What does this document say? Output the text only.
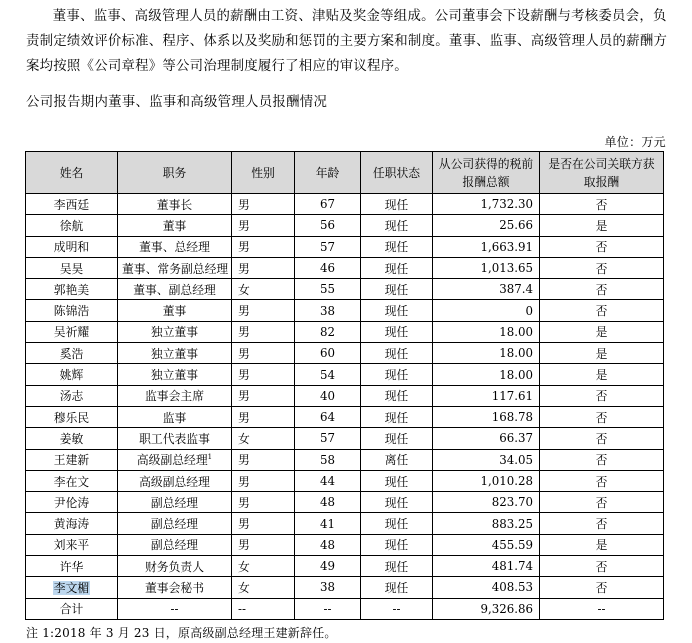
董事、监事、高级管理人员的薪酬由工资、津贴及奖金等组成。公司董事会下设薪酬与考核委员会，负责制定绩效评价标准、程序、体系以及奖励和惩罚的主要方案和制度。董事、监事、高级管理人员的薪酬方案均按照《公司章程》等公司治理制度履行了相应的审议程序。
公司报告期内董事、监事和高级管理人员报酬情况
单位：万元
姓名	职务	性别	年龄	任职状态	从公司获得的税前报酬总额	是否在公司关联方获取报酬
李西廷	董事长	男	67	现任	1,732.30	否
徐航	董事	男	56	现任	25.66	是
成明和	董事、总经理	男	57	现任	1,663.91	否
吴昊	董事、常务副总经理	男	46	现任	1,013.65	否
郭艳美	董事、副总经理	女	55	现任	387.4	否
陈锦浩	董事	男	38	现任	0	否
吴祈耀	独立董事	男	82	现任	18.00	是
奚浩	独立董事	男	60	现任	18.00	是
姚辉	独立董事	男	54	现任	18.00	是
汤志	监事会主席	男	40	现任	117.61	否
穆乐民	监事	男	64	现任	168.78	否
姜敏	职工代表监事	女	57	现任	66.37	否
王建新	高级副总经理$^1$	男	58	离任	34.05	否
李在文	高级副总经理	男	44	现任	1,010.28	否
尹伦涛	副总经理	男	48	现任	823.70	否
黄海涛	副总经理	男	41	现任	883.25	否
刘来平	副总经理	男	48	现任	455.59	是
许华	财务负责人	女	49	现任	481.74	否
李文楣	董事会秘书	女	38	现任	408.53	否
合计	--	--	--	--	9,326.86	--
注 1:2018 年 3 月 23 日，原高级副总经理王建新辞任。
